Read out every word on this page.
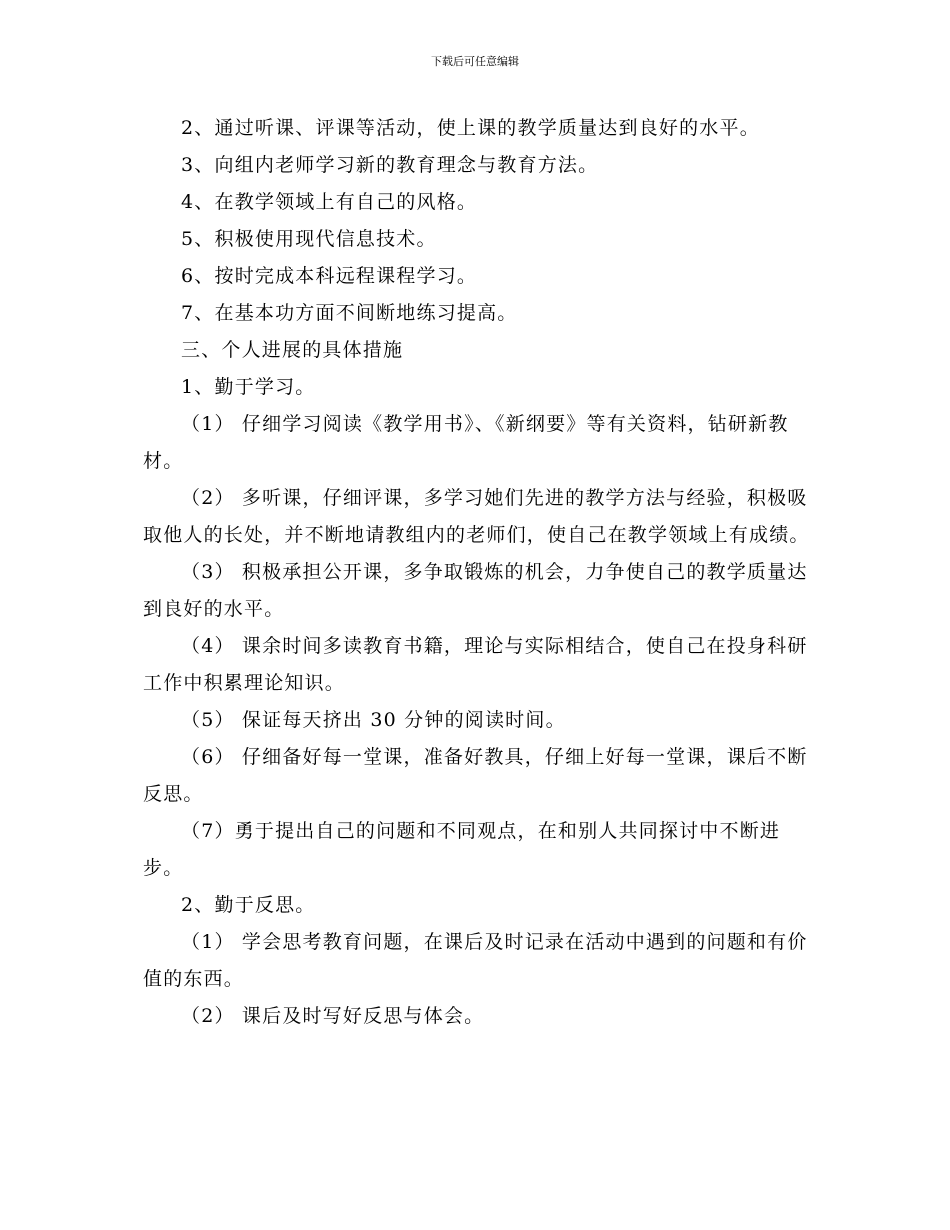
下载后可任意编辑

2、通过听课、评课等活动，使上课的教学质量达到良好的水平。

3、向组内老师学习新的教育理念与教育方法。

4、在教学领域上有自己的风格。

5、积极使用现代信息技术。

6、按时完成本科远程课程学习。

7、在基本功方面不间断地练习提高。

三、个人进展的具体措施

1、勤于学习。

（1） 仔细学习阅读《教学用书》、《新纲要》等有关资料，钻研新教材。

（2） 多听课，仔细评课，多学习她们先进的教学方法与经验，积极吸取他人的长处，并不断地请教组内的老师们，使自己在教学领域上有成绩。

（3） 积极承担公开课，多争取锻炼的机会，力争使自己的教学质量达到良好的水平。

（4） 课余时间多读教育书籍，理论与实际相结合，使自己在投身科研工作中积累理论知识。

（5） 保证每天挤出 30 分钟的阅读时间。

（6） 仔细备好每一堂课，准备好教具，仔细上好每一堂课，课后不断反思。

（7）勇于提出自己的问题和不同观点，在和别人共同探讨中不断进步。

2、勤于反思。

（1） 学会思考教育问题，在课后及时记录在活动中遇到的问题和有价值的东西。

（2） 课后及时写好反思与体会。
